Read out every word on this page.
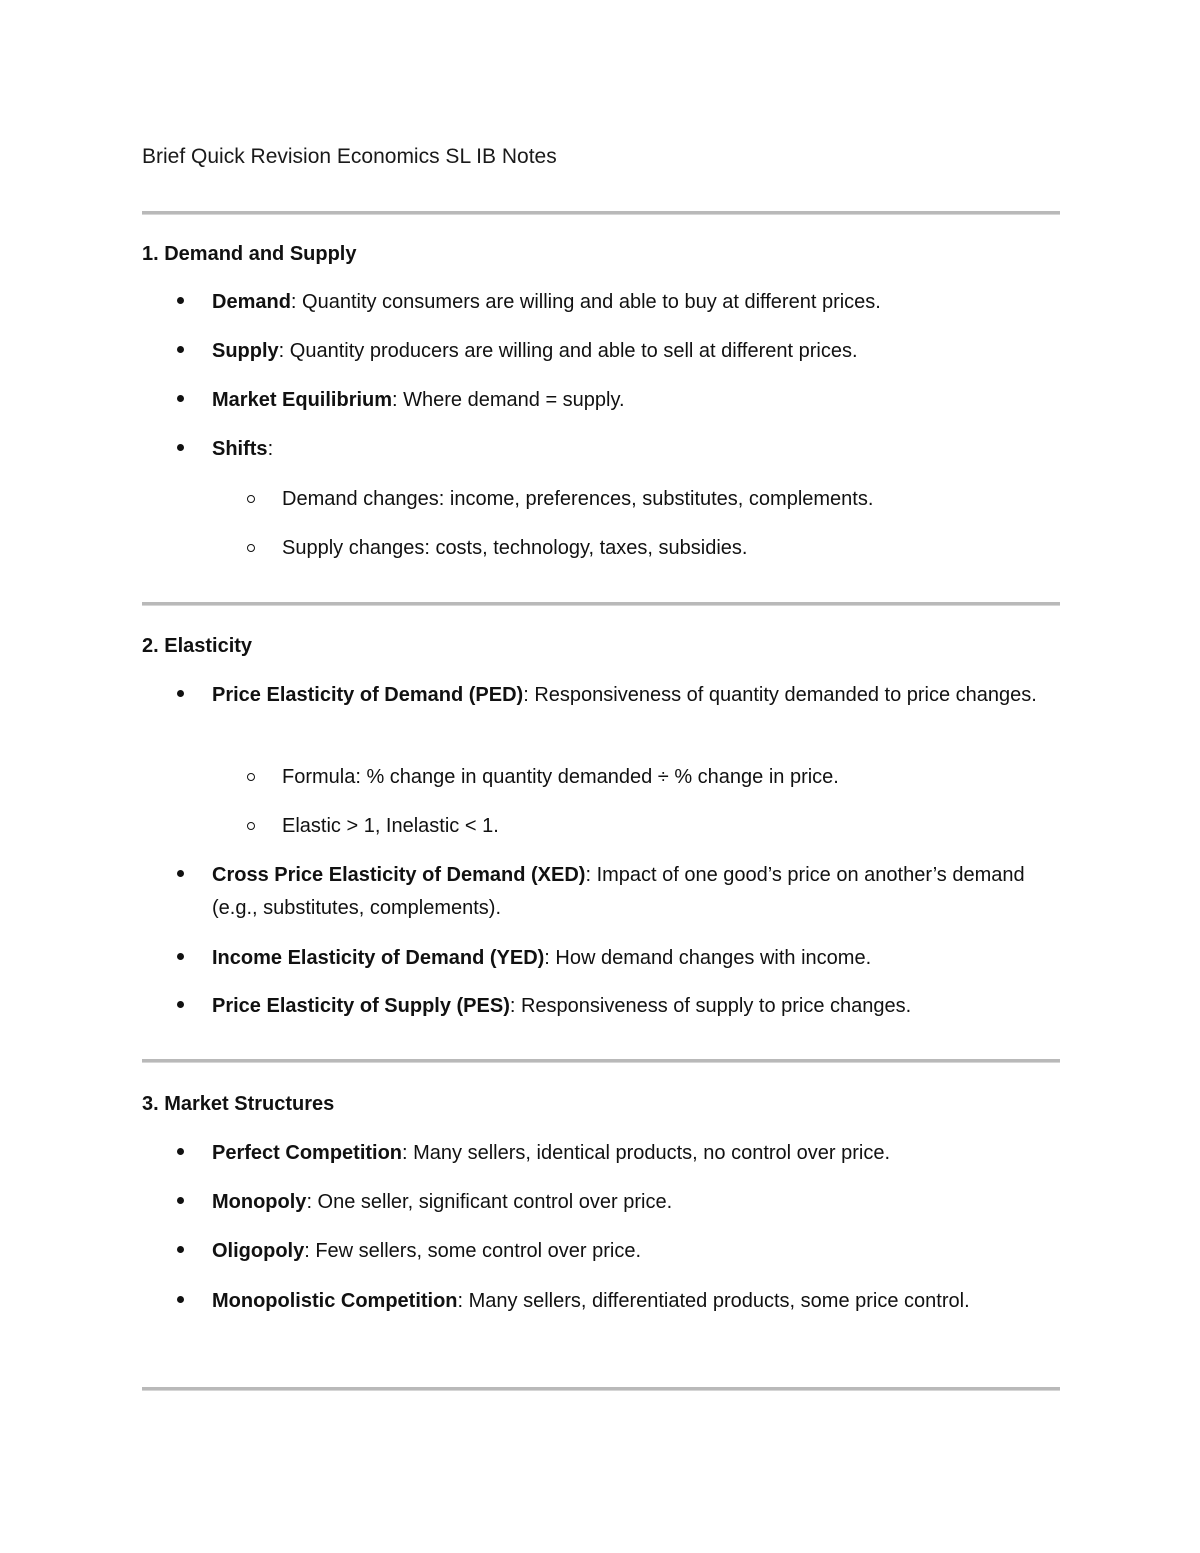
Brief Quick Revision Economics SL IB Notes
1. Demand and Supply
Demand: Quantity consumers are willing and able to buy at different prices.
Supply: Quantity producers are willing and able to sell at different prices.
Market Equilibrium: Where demand = supply.
Shifts:
Demand changes: income, preferences, substitutes, complements.
Supply changes: costs, technology, taxes, subsidies.
2. Elasticity
Price Elasticity of Demand (PED): Responsiveness of quantity demanded to price changes.
Formula: % change in quantity demanded ÷ % change in price.
Elastic > 1, Inelastic < 1.
Cross Price Elasticity of Demand (XED): Impact of one good’s price on another’s demand (e.g., substitutes, complements).
Income Elasticity of Demand (YED): How demand changes with income.
Price Elasticity of Supply (PES): Responsiveness of supply to price changes.
3. Market Structures
Perfect Competition: Many sellers, identical products, no control over price.
Monopoly: One seller, significant control over price.
Oligopoly: Few sellers, some control over price.
Monopolistic Competition: Many sellers, differentiated products, some price control.
